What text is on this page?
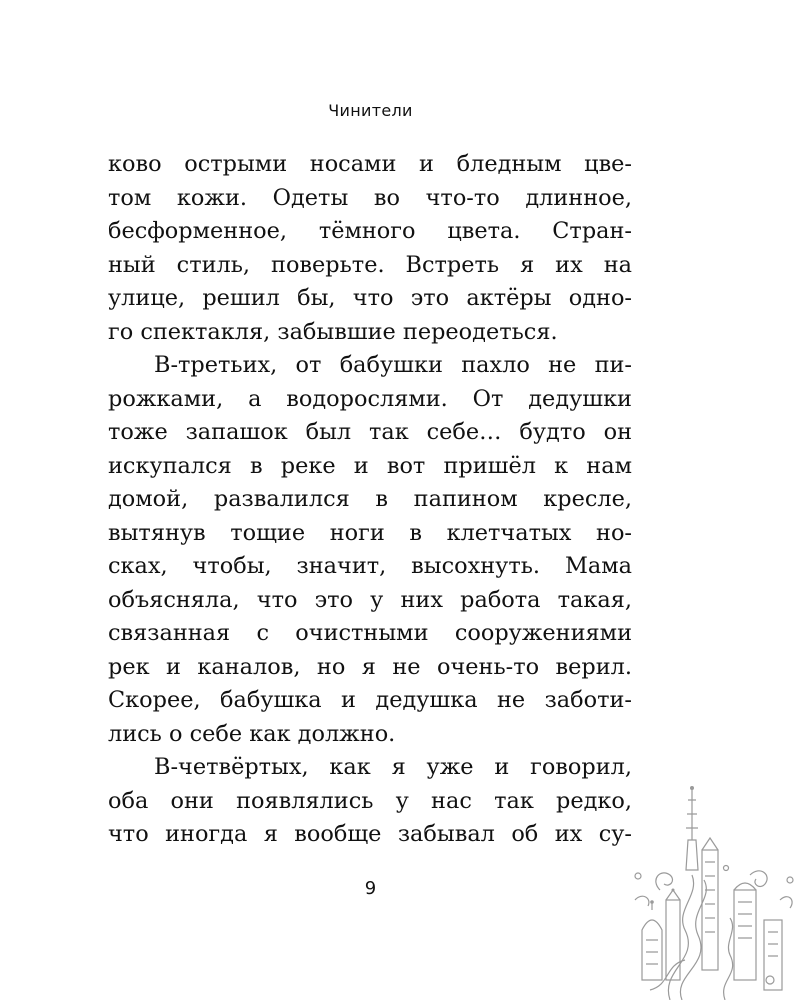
Чинители
ково острыми носами и бледным цве-
том кожи. Одеты во что-то длинное,
бесформенное, тёмного цвета. Стран-
ный стиль, поверьте. Встреть я их на
улице, решил бы, что это актёры одно-
го спектакля, забывшие переодеться.
В-третьих, от бабушки пахло не пи-
рожками, а водорослями. От дедушки
тоже запашок был так себе… будто он
искупался в реке и вот пришёл к нам
домой, развалился в папином кресле,
вытянув тощие ноги в клетчатых но-
сках, чтобы, значит, высохнуть. Мама
объясняла, что это у них работа такая,
связанная с очистными сооружениями
рек и каналов, но я не очень-то верил.
Скорее, бабушка и дедушка не заботи-
лись о себе как должно.
В-четвёртых, как я уже и говорил,
оба они появлялись у нас так редко,
что иногда я вообще забывал об их су-
9
